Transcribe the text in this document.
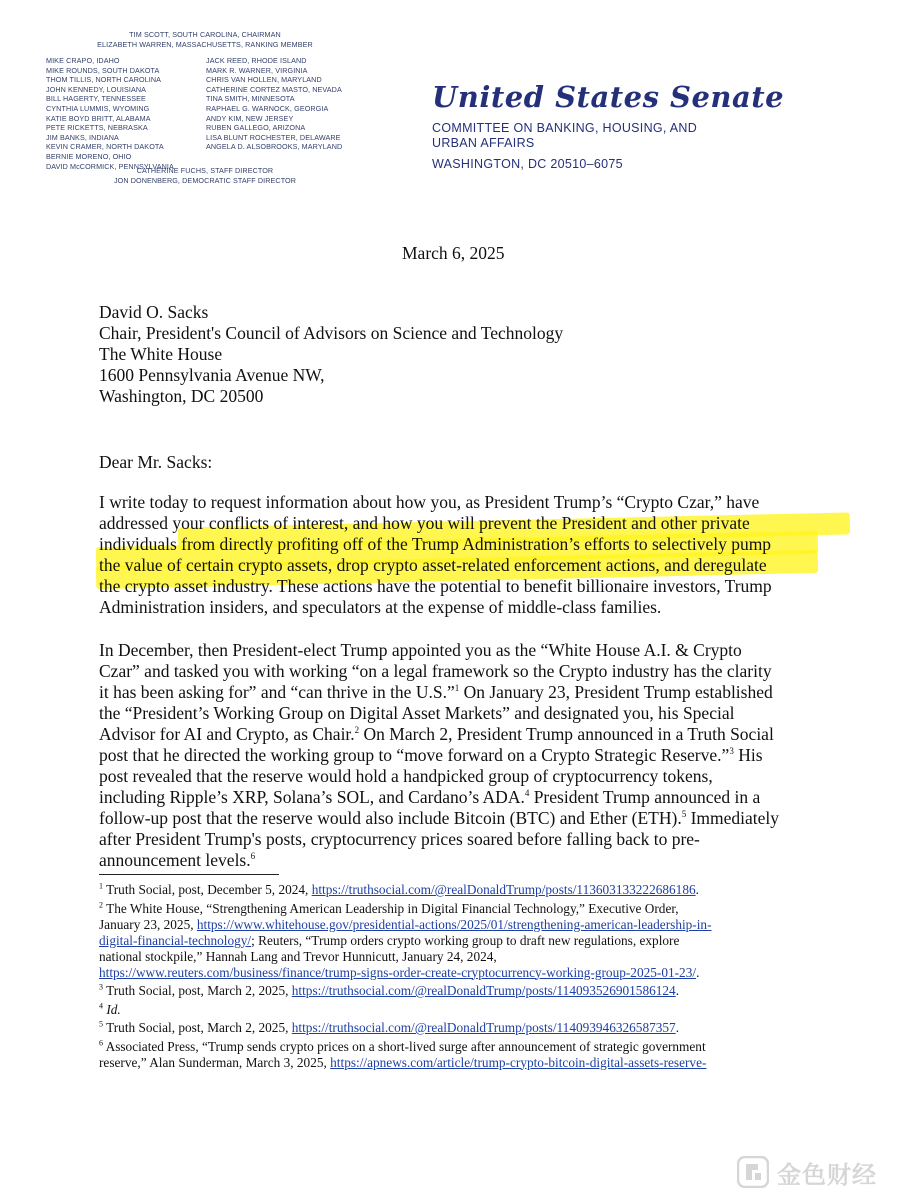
TIM SCOTT, SOUTH CAROLINA, CHAIRMAN
ELIZABETH WARREN, MASSACHUSETTS, RANKING MEMBER
MIKE CRAPO, IDAHO
MIKE ROUNDS, SOUTH DAKOTA
THOM TILLIS, NORTH CAROLINA
JOHN KENNEDY, LOUISIANA
BILL HAGERTY, TENNESSEE
CYNTHIA LUMMIS, WYOMING
KATIE BOYD BRITT, ALABAMA
PETE RICKETTS, NEBRASKA
JIM BANKS, INDIANA
KEVIN CRAMER, NORTH DAKOTA
BERNIE MORENO, OHIO
DAVID McCORMICK, PENNSYLVANIA
JACK REED, RHODE ISLAND
MARK R. WARNER, VIRGINIA
CHRIS VAN HOLLEN, MARYLAND
CATHERINE CORTEZ MASTO, NEVADA
TINA SMITH, MINNESOTA
RAPHAEL G. WARNOCK, GEORGIA
ANDY KIM, NEW JERSEY
RUBEN GALLEGO, ARIZONA
LISA BLUNT ROCHESTER, DELAWARE
ANGELA D. ALSOBROOKS, MARYLAND
CATHERINE FUCHS, STAFF DIRECTOR
JON DONENBERG, DEMOCRATIC STAFF DIRECTOR
United States Senate
COMMITTEE ON BANKING, HOUSING, AND
URBAN AFFAIRS
WASHINGTON, DC 20510–6075
March 6, 2025
David O. Sacks
Chair, President's Council of Advisors on Science and Technology
The White House
1600 Pennsylvania Avenue NW,
Washington, DC 20500
Dear Mr. Sacks:
I write today to request information about how you, as President Trump’s “Crypto Czar,” have
addressed your conflicts of interest, and how you will prevent the President and other private
individuals from directly profiting off of the Trump Administration’s efforts to selectively pump
the value of certain crypto assets, drop crypto asset-related enforcement actions, and deregulate
the crypto asset industry. These actions have the potential to benefit billionaire investors, Trump
Administration insiders, and speculators at the expense of middle-class families.
In December, then President-elect Trump appointed you as the “White House A.I. & Crypto
Czar” and tasked you with working “on a legal framework so the Crypto industry has the clarity
it has been asking for” and “can thrive in the U.S.”$^1$ On January 23, President Trump established
the “President’s Working Group on Digital Asset Markets” and designated you, his Special
Advisor for AI and Crypto, as Chair.$^2$ On March 2, President Trump announced in a Truth Social
post that he directed the working group to “move forward on a Crypto Strategic Reserve.”$^3$ His
post revealed that the reserve would hold a handpicked group of cryptocurrency tokens,
including Ripple’s XRP, Solana’s SOL, and Cardano’s ADA.$^4$ President Trump announced in a
follow-up post that the reserve would also include Bitcoin (BTC) and Ether (ETH).$^5$ Immediately
after President Trump's posts, cryptocurrency prices soared before falling back to pre-
announcement levels.$^6$
$^1$ Truth Social, post, December 5, 2024, https://truthsocial.com/@realDonaldTrump/posts/113603133222686186.
$^2$ The White House, “Strengthening American Leadership in Digital Financial Technology,” Executive Order,
January 23, 2025, https://www.whitehouse.gov/presidential-actions/2025/01/strengthening-american-leadership-in-
digital-financial-technology/; Reuters, “Trump orders crypto working group to draft new regulations, explore
national stockpile,” Hannah Lang and Trevor Hunnicutt, January 24, 2024,
https://www.reuters.com/business/finance/trump-signs-order-create-cryptocurrency-working-group-2025-01-23/.
$^3$ Truth Social, post, March 2, 2025, https://truthsocial.com/@realDonaldTrump/posts/114093526901586124.
$^4$ Id.
$^5$ Truth Social, post, March 2, 2025, https://truthsocial.com/@realDonaldTrump/posts/114093946326587357.
$^6$ Associated Press, “Trump sends crypto prices on a short-lived surge after announcement of strategic government
reserve,” Alan Sunderman, March 3, 2025, https://apnews.com/article/trump-crypto-bitcoin-digital-assets-reserve-
金色财经
